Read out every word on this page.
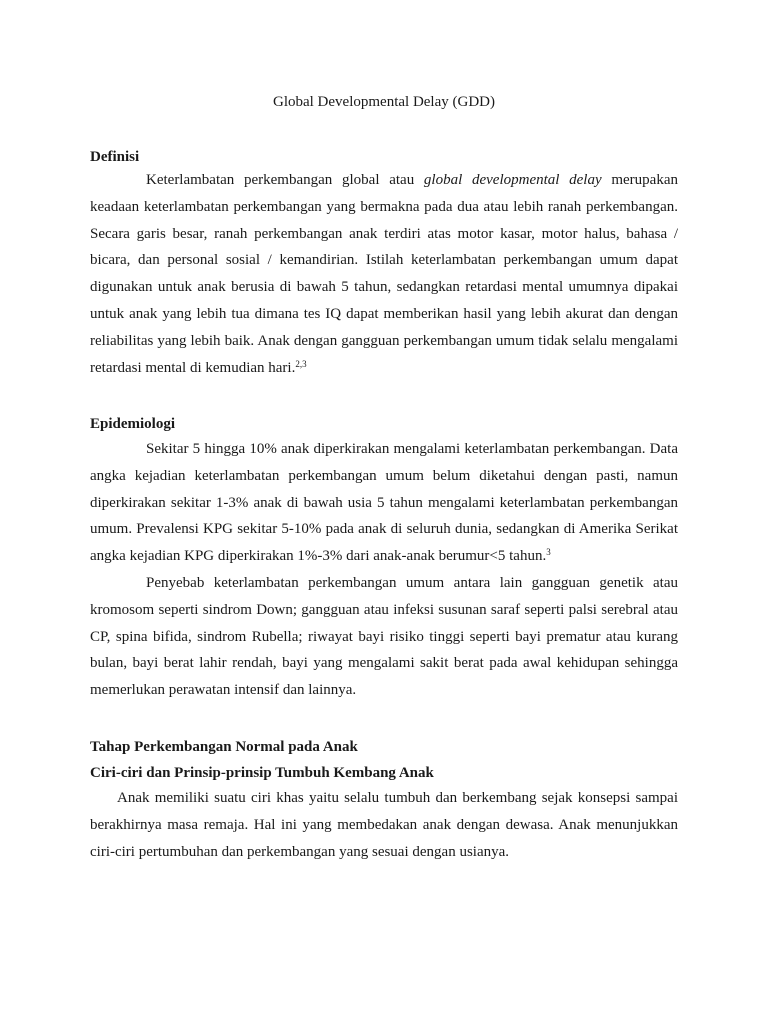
Global Developmental Delay (GDD)
Definisi

Keterlambatan perkembangan global atau global developmental delay merupakan keadaan keterlambatan perkembangan yang bermakna pada dua atau lebih ranah perkembangan. Secara garis besar, ranah perkembangan anak terdiri atas motor kasar, motor halus, bahasa / bicara, dan personal sosial / kemandirian. Istilah keterlambatan perkembangan umum dapat digunakan untuk anak berusia di bawah 5 tahun, sedangkan retardasi mental umumnya dipakai untuk anak yang lebih tua dimana tes IQ dapat memberikan hasil yang lebih akurat dan dengan reliabilitas yang lebih baik. Anak dengan gangguan perkembangan umum tidak selalu mengalami retardasi mental di kemudian hari.$^{2,3}$

Epidemiologi

Sekitar 5 hingga 10% anak diperkirakan mengalami keterlambatan perkembangan. Data angka kejadian keterlambatan perkembangan umum belum diketahui dengan pasti, namun diperkirakan sekitar 1-3% anak di bawah usia 5 tahun mengalami keterlambatan perkembangan umum. Prevalensi KPG sekitar 5-10% pada anak di seluruh dunia, sedangkan di Amerika Serikat angka kejadian KPG diperkirakan 1%-3% dari anak-anak berumur<5 tahun.$^3$

Penyebab keterlambatan perkembangan umum antara lain gangguan genetik atau kromosom seperti sindrom Down; gangguan atau infeksi susunan saraf seperti palsi serebral atau CP, spina bifida, sindrom Rubella; riwayat bayi risiko tinggi seperti bayi prematur atau kurang bulan, bayi berat lahir rendah, bayi yang mengalami sakit berat pada awal kehidupan sehingga memerlukan perawatan intensif dan lainnya.

Tahap Perkembangan Normal pada Anak
Ciri-ciri dan Prinsip-prinsip Tumbuh Kembang Anak

Anak memiliki suatu ciri khas yaitu selalu tumbuh dan berkembang sejak konsepsi sampai berakhirnya masa remaja. Hal ini yang membedakan anak dengan dewasa. Anak menunjukkan ciri-ciri pertumbuhan dan perkembangan yang sesuai dengan usianya.
